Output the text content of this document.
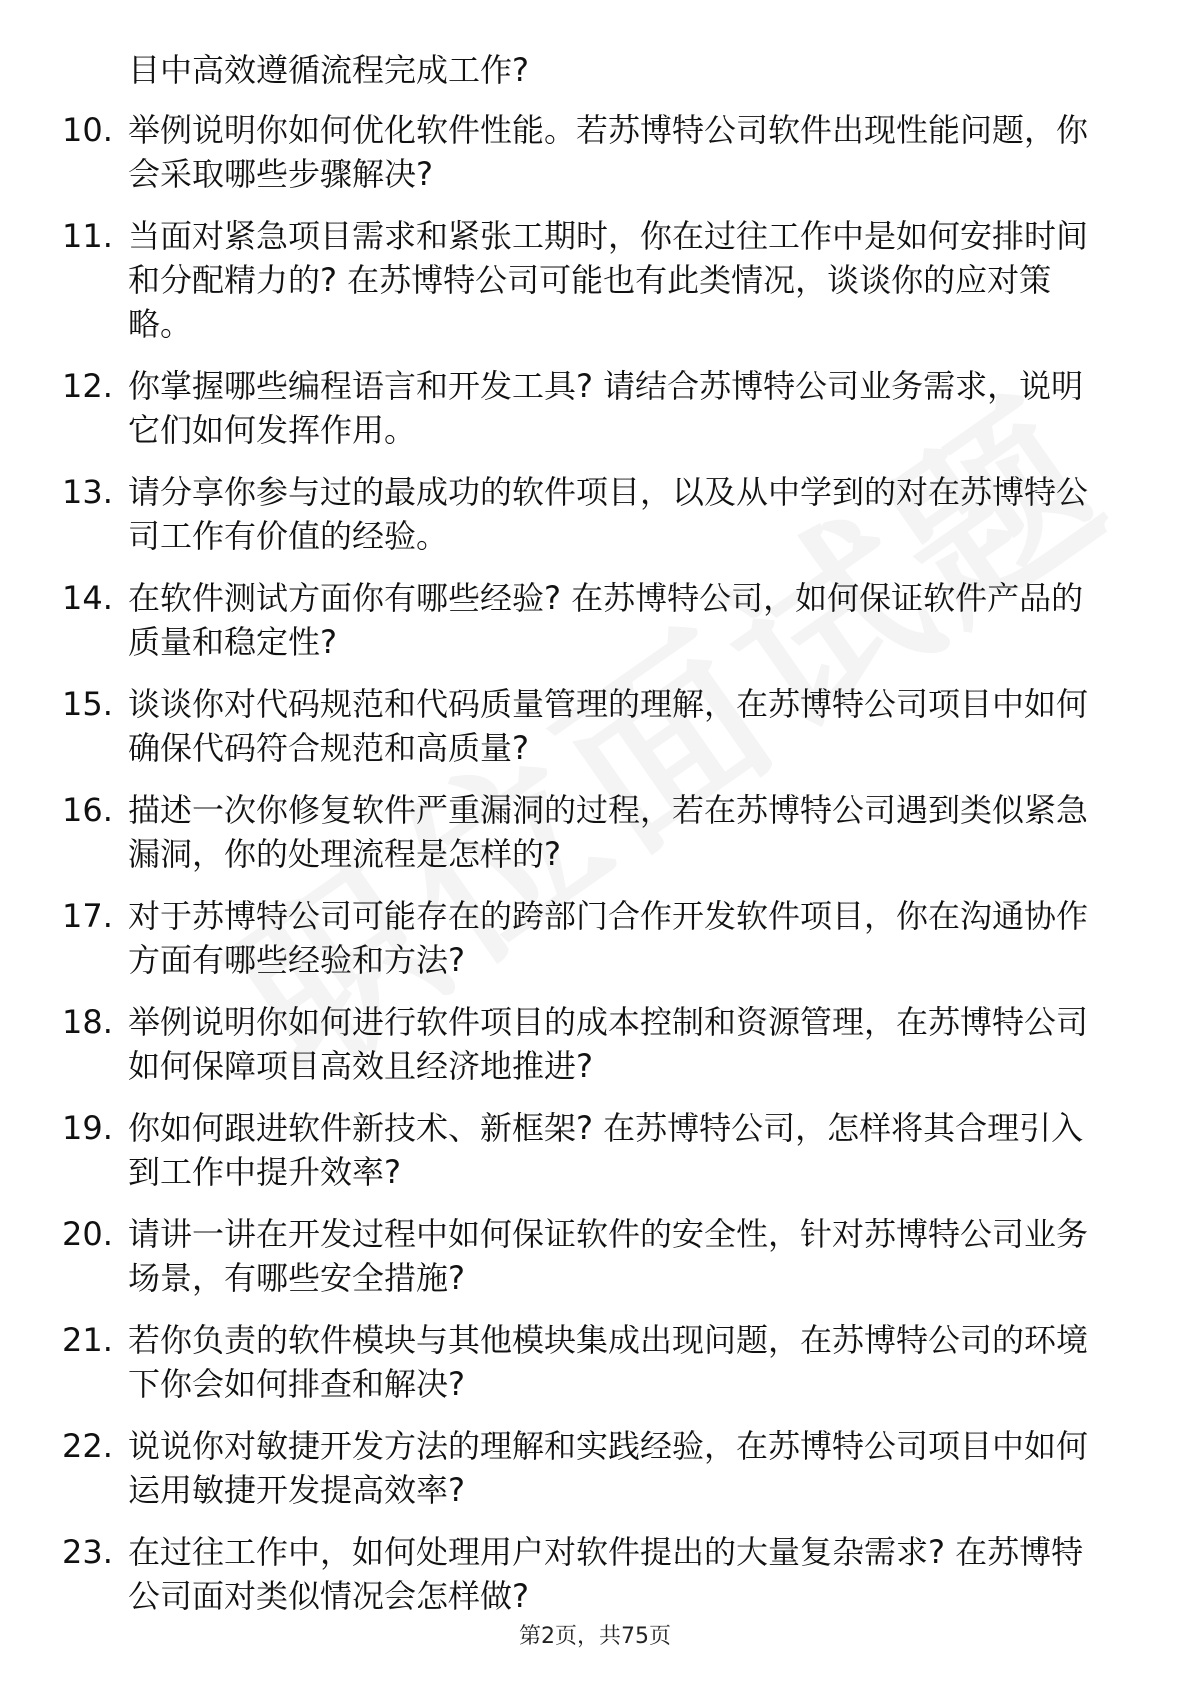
目中高效遵循流程完成工作?

10. 举例说明你如何优化软件性能。若苏博特公司软件出现性能问题，你会采取哪些步骤解决?
11. 当面对紧急项目需求和紧张工期时，你在过往工作中是如何安排时间和分配精力的? 在苏博特公司可能也有此类情况，谈谈你的应对策略。
12. 你掌握哪些编程语言和开发工具? 请结合苏博特公司业务需求，说明它们如何发挥作用。
13. 请分享你参与过的最成功的软件项目，以及从中学到的对在苏博特公司工作有价值的经验。
14. 在软件测试方面你有哪些经验? 在苏博特公司，如何保证软件产品的质量和稳定性?
15. 谈谈你对代码规范和代码质量管理的理解，在苏博特公司项目中如何确保代码符合规范和高质量?
16. 描述一次你修复软件严重漏洞的过程，若在苏博特公司遇到类似紧急漏洞，你的处理流程是怎样的?
17. 对于苏博特公司可能存在的跨部门合作开发软件项目，你在沟通协作方面有哪些经验和方法?
18. 举例说明你如何进行软件项目的成本控制和资源管理，在苏博特公司如何保障项目高效且经济地推进?
19. 你如何跟进软件新技术、新框架? 在苏博特公司，怎样将其合理引入到工作中提升效率?
20. 请讲一讲在开发过程中如何保证软件的安全性，针对苏博特公司业务场景，有哪些安全措施?
21. 若你负责的软件模块与其他模块集成出现问题，在苏博特公司的环境下你会如何排查和解决?
22. 说说你对敏捷开发方法的理解和实践经验，在苏博特公司项目中如何运用敏捷开发提高效率?
23. 在过往工作中，如何处理用户对软件提出的大量复杂需求? 在苏博特公司面对类似情况会怎样做?
第2页，共75页
